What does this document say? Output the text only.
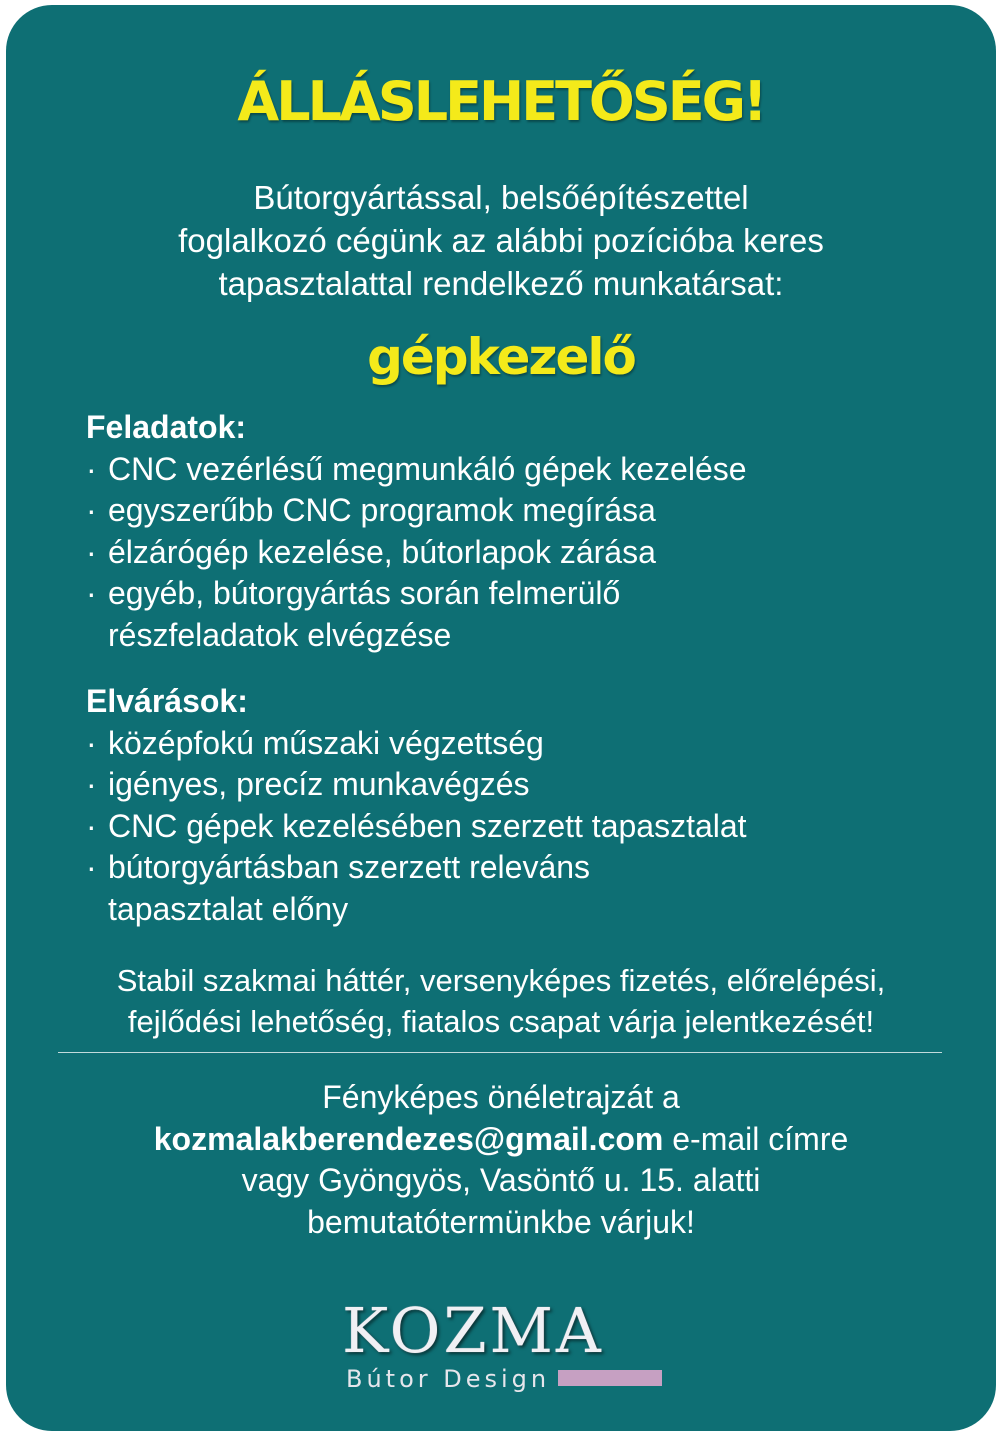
ÁLLÁSLEHETŐSÉG!
Bútorgyártással, belsőépítészettel
foglalkozó cégünk az alábbi pozícióba keres
tapasztalattal rendelkező munkatársat:
gépkezelő
Feladatok:
· CNC vezérlésű megmunkáló gépek kezelése
· egyszerűbb CNC programok megírása
· élzárógép kezelése, bútorlapok zárása
· egyéb, bútorgyártás során felmerülő
részfeladatok elvégzése
Elvárások:
· középfokú műszaki végzettség
· igényes, precíz munkavégzés
· CNC gépek kezelésében szerzett tapasztalat
· bútorgyártásban szerzett releváns
tapasztalat előny
Stabil szakmai háttér, versenyképes fizetés, előrelépési,
fejlődési lehetőség, fiatalos csapat várja jelentkezését!
Fényképes önéletrajzát a
kozmalakberendezes@gmail.com e-mail címre
vagy Gyöngyös, Vasöntő u. 15. alatti
bemutatótermünkbe várjuk!
KOZMA
Bútor Design
